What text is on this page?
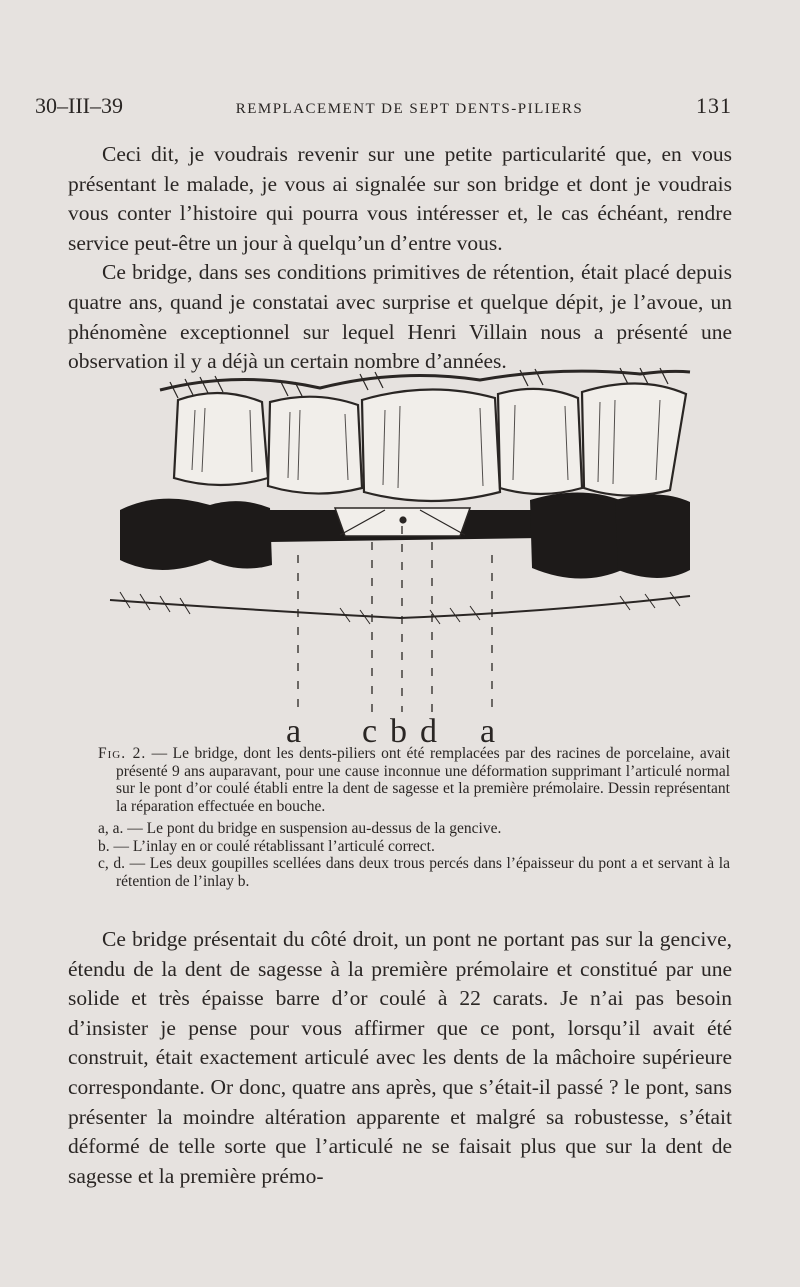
30–III–39	REMPLACEMENT DE SEPT DENTS-PILIERS	131

Ceci dit, je voudrais revenir sur une petite particularité que, en vous présentant le malade, je vous ai signalée sur son bridge et dont je voudrais vous conter l’histoire qui pourra vous intéresser et, le cas échéant, rendre service peut-être un jour à quelqu’un d’entre vous.

Ce bridge, dans ses conditions primitives de rétention, était placé depuis quatre ans, quand je constatai avec surprise et quelque dépit, je l’avoue, un phénomène exceptionnel sur lequel Henri Villain nous a présenté une observation il y a déjà un certain nombre d’années.

a c b d a

Fig. 2. — Le bridge, dont les dents-piliers ont été remplacées par des racines de porcelaine, avait présenté 9 ans auparavant, pour une cause inconnue une déformation supprimant l’articulé normal sur le pont d’or coulé établi entre la dent de sagesse et la première prémolaire. Dessin représentant la réparation effectuée en bouche.

a, a. — Le pont du bridge en suspension au-dessus de la gencive.

b. — L’inlay en or coulé rétablissant l’articulé correct.

c, d. — Les deux goupilles scellées dans deux trous percés dans l’épaisseur du pont a et servant à la rétention de l’inlay b.

Ce bridge présentait du côté droit, un pont ne portant pas sur la gencive, étendu de la dent de sagesse à la première prémolaire et constitué par une solide et très épaisse barre d’or coulé à 22 carats. Je n’ai pas besoin d’insister je pense pour vous affirmer que ce pont, lorsqu’il avait été construit, était exactement articulé avec les dents de la mâchoire supérieure correspondante. Or donc, quatre ans après, que s’était-il passé ? le pont, sans présenter la moindre altération apparente et malgré sa robustesse, s’était déformé de telle sorte que l’articulé ne se faisait plus que sur la dent de sagesse et la première prémo-
